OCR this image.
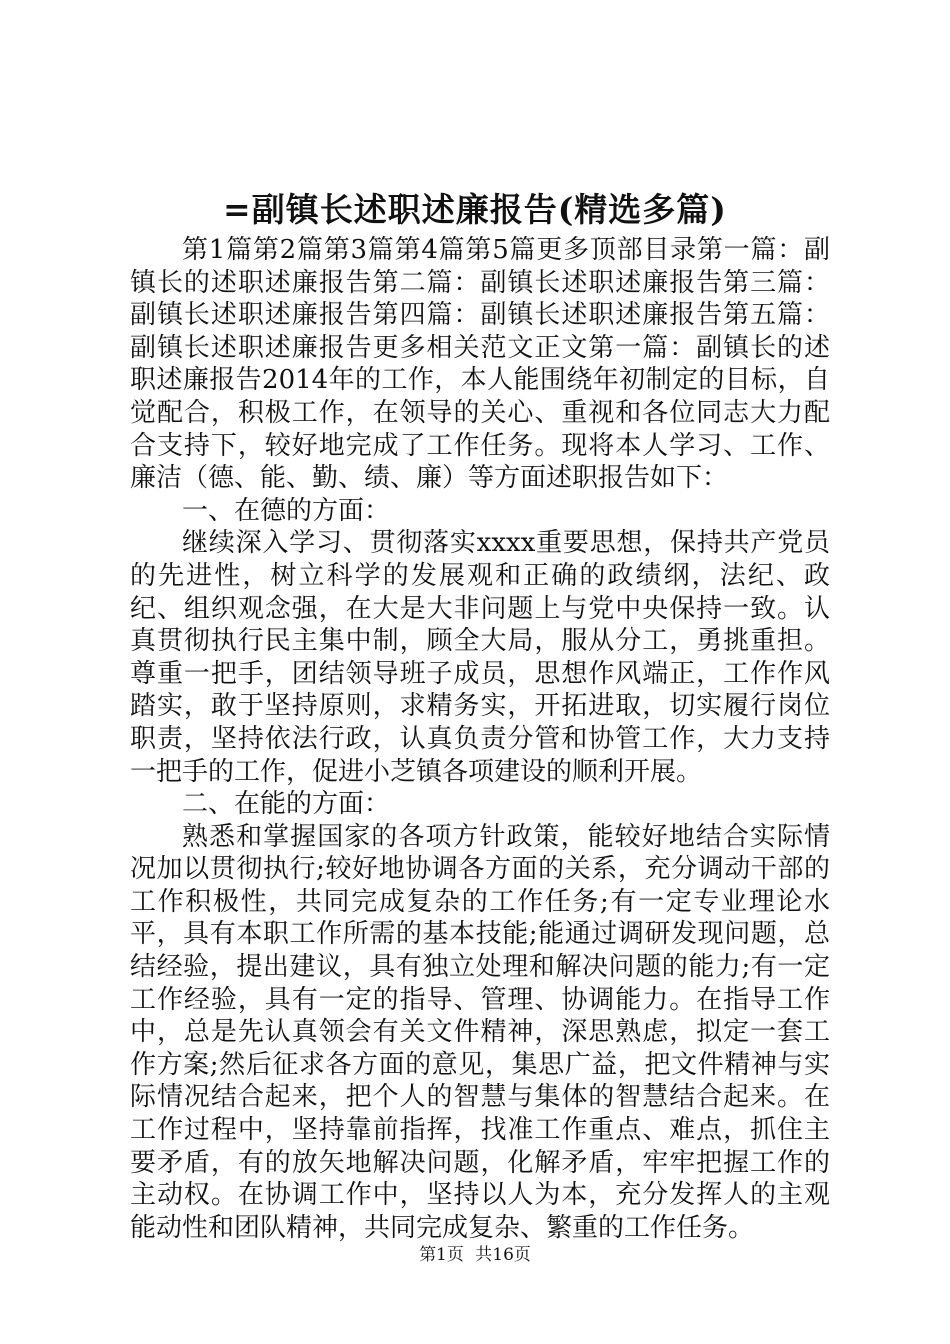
=副镇长述职述廉报告(精选多篇)

第1篇第2篇第3篇第4篇第5篇更多顶部目录第一篇：副镇长的述职述廉报告第二篇：副镇长述职述廉报告第三篇：副镇长述职述廉报告第四篇：副镇长述职述廉报告第五篇：副镇长述职述廉报告更多相关范文正文第一篇：副镇长的述职述廉报告2014年的工作，本人能围绕年初制定的目标，自觉配合，积极工作，在领导的关心、重视和各位同志大力配合支持下，较好地完成了工作任务。现将本人学习、工作、廉洁（德、能、勤、绩、廉）等方面述职报告如下：

一、在德的方面：

继续深入学习、贯彻落实xxxx重要思想，保持共产党员的先进性，树立科学的发展观和正确的政绩纲，法纪、政纪、组织观念强，在大是大非问题上与党中央保持一致。认真贯彻执行民主集中制，顾全大局，服从分工，勇挑重担。尊重一把手，团结领导班子成员，思想作风端正，工作作风踏实，敢于坚持原则，求精务实，开拓进取，切实履行岗位职责，坚持依法行政，认真负责分管和协管工作，大力支持一把手的工作，促进小芝镇各项建设的顺利开展。

二、在能的方面：

熟悉和掌握国家的各项方针政策，能较好地结合实际情况加以贯彻执行;较好地协调各方面的关系，充分调动干部的工作积极性，共同完成复杂的工作任务;有一定专业理论水平，具有本职工作所需的基本技能;能通过调研发现问题，总结经验，提出建议，具有独立处理和解决问题的能力;有一定工作经验，具有一定的指导、管理、协调能力。在指导工作中，总是先认真领会有关文件精神，深思熟虑，拟定一套工作方案;然后征求各方面的意见，集思广益，把文件精神与实际情况结合起来，把个人的智慧与集体的智慧结合起来。在工作过程中，坚持靠前指挥，找准工作重点、难点，抓住主要矛盾，有的放矢地解决问题，化解矛盾，牢牢把握工作的主动权。在协调工作中，坚持以人为本，充分发挥人的主观能动性和团队精神，共同完成复杂、繁重的工作任务。

第1页 共16页
